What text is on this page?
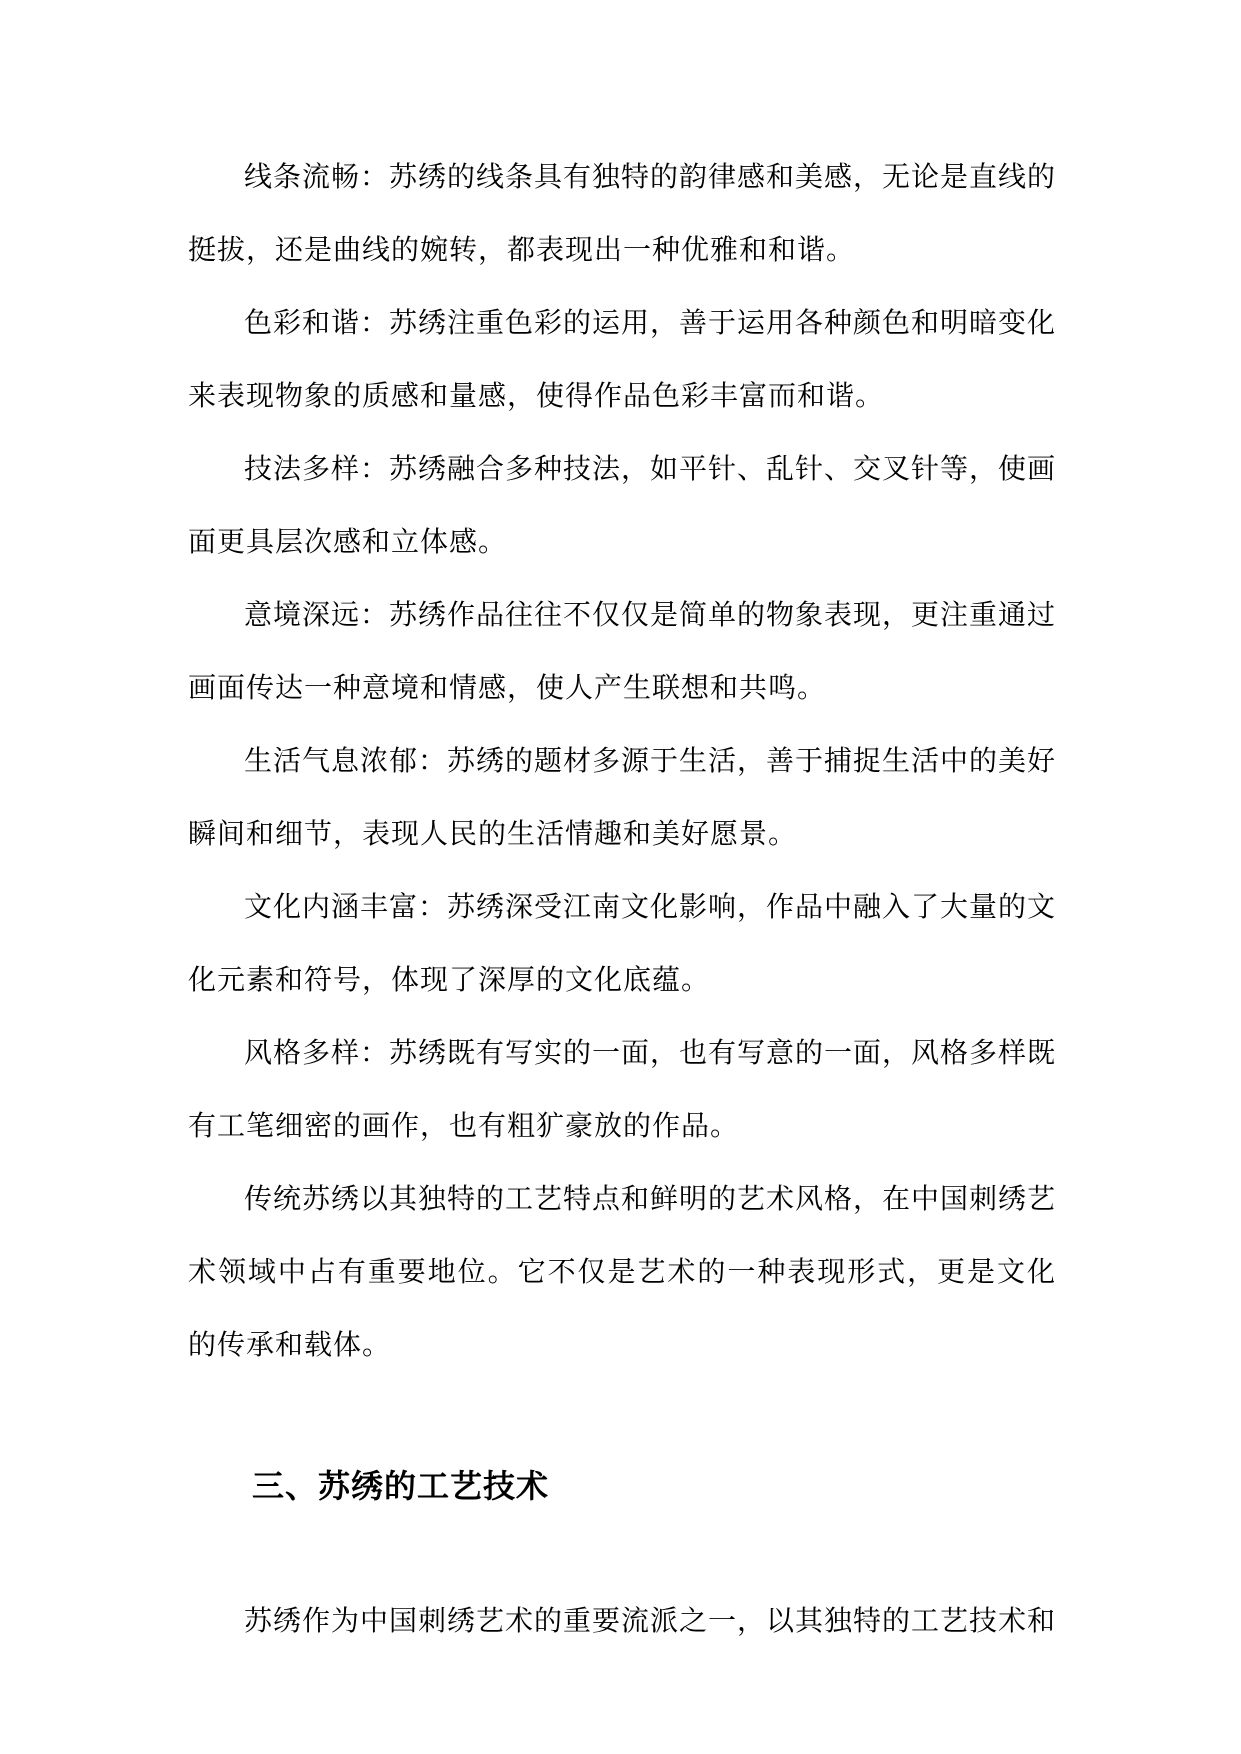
线条流畅：苏绣的线条具有独特的韵律感和美感，无论是直线的挺拔，还是曲线的婉转，都表现出一种优雅和和谐。

色彩和谐：苏绣注重色彩的运用，善于运用各种颜色和明暗变化来表现物象的质感和量感，使得作品色彩丰富而和谐。

技法多样：苏绣融合多种技法，如平针、乱针、交叉针等，使画面更具层次感和立体感。

意境深远：苏绣作品往往不仅仅是简单的物象表现，更注重通过画面传达一种意境和情感，使人产生联想和共鸣。

生活气息浓郁：苏绣的题材多源于生活，善于捕捉生活中的美好瞬间和细节，表现人民的生活情趣和美好愿景。

文化内涵丰富：苏绣深受江南文化影响，作品中融入了大量的文化元素和符号，体现了深厚的文化底蕴。

风格多样：苏绣既有写实的一面，也有写意的一面，风格多样既有工笔细密的画作，也有粗犷豪放的作品。

传统苏绣以其独特的工艺特点和鲜明的艺术风格，在中国刺绣艺术领域中占有重要地位。它不仅是艺术的一种表现形式，更是文化的传承和载体。

三、苏绣的工艺技术

苏绣作为中国刺绣艺术的重要流派之一，以其独特的工艺技术和
